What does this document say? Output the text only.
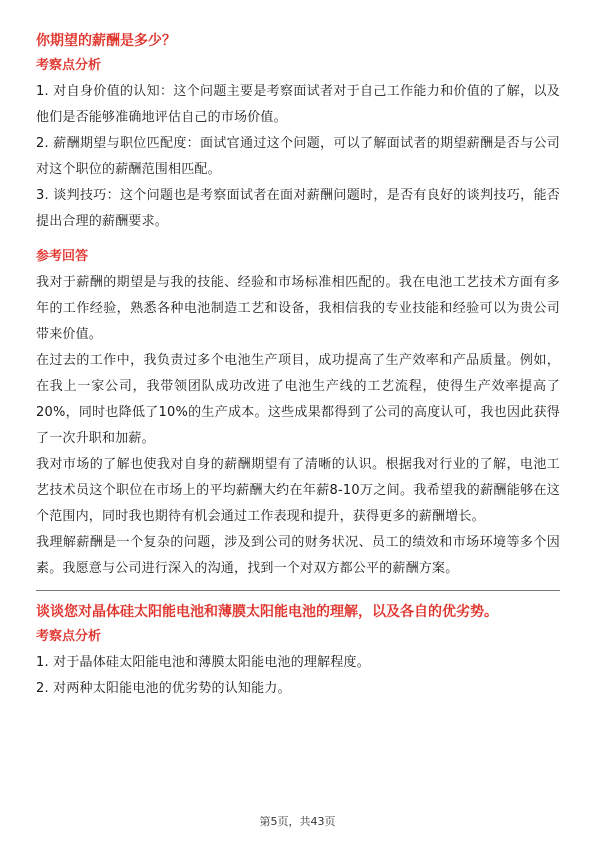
你期望的薪酬是多少？
考察点分析

1. 对自身价值的认知：这个问题主要是考察面试者对于自己工作能力和价值的了解，以及他们是否能够准确地评估自己的市场价值。

2. 薪酬期望与职位匹配度：面试官通过这个问题，可以了解面试者的期望薪酬是否与公司对这个职位的薪酬范围相匹配。

3. 谈判技巧：这个问题也是考察面试者在面对薪酬问题时，是否有良好的谈判技巧，能否提出合理的薪酬要求。

参考回答

我对于薪酬的期望是与我的技能、经验和市场标准相匹配的。我在电池工艺技术方面有多年的工作经验，熟悉各种电池制造工艺和设备，我相信我的专业技能和经验可以为贵公司带来价值。

在过去的工作中，我负责过多个电池生产项目，成功提高了生产效率和产品质量。例如，在我上一家公司，我带领团队成功改进了电池生产线的工艺流程，使得生产效率提高了20%，同时也降低了10%的生产成本。这些成果都得到了公司的高度认可，我也因此获得了一次升职和加薪。

我对市场的了解也使我对自身的薪酬期望有了清晰的认识。根据我对行业的了解，电池工艺技术员这个职位在市场上的平均薪酬大约在年薪8-10万之间。我希望我的薪酬能够在这个范围内，同时我也期待有机会通过工作表现和提升，获得更多的薪酬增长。

我理解薪酬是一个复杂的问题，涉及到公司的财务状况、员工的绩效和市场环境等多个因素。我愿意与公司进行深入的沟通，找到一个对双方都公平的薪酬方案。

谈谈您对晶体硅太阳能电池和薄膜太阳能电池的理解，以及各自的优劣势。
考察点分析

1. 对于晶体硅太阳能电池和薄膜太阳能电池的理解程度。

2. 对两种太阳能电池的优劣势的认知能力。

第5页，共43页
